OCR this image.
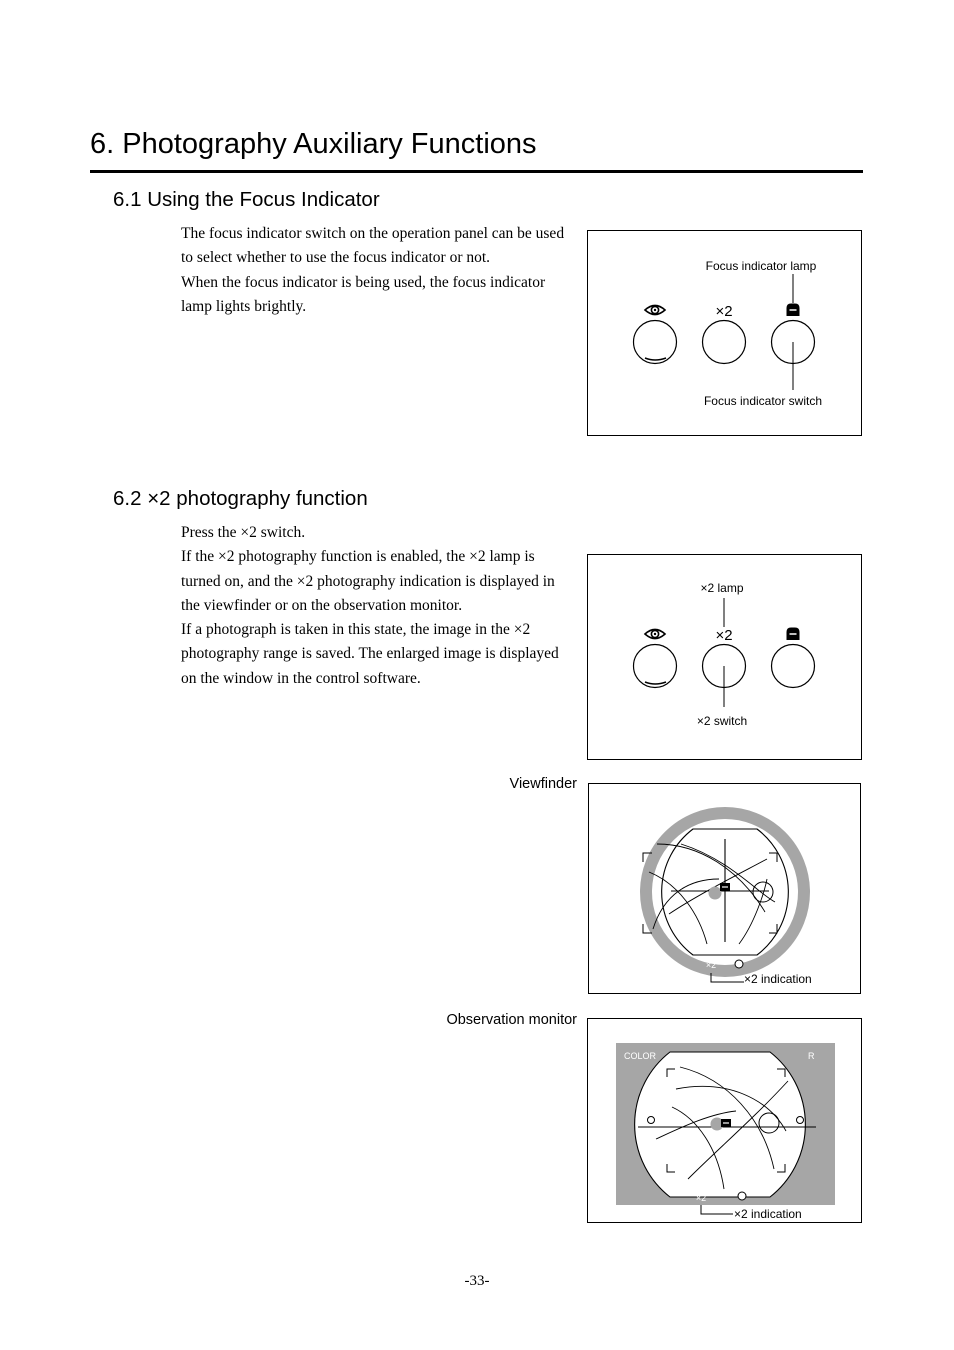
6. Photography Auxiliary Functions
6.1 Using the Focus Indicator

The focus indicator switch on the operation panel can be used to select whether to use the focus indicator or not.

When the focus indicator is being used, the focus indicator lamp lights brightly.	×2
Focus indicator lamp
Focus indicator switch
6.2 ×2 photography function

Press the ×2 switch.

If the ×2 photography function is enabled, the ×2 lamp is turned on, and the ×2 photography indication is displayed in the viewfinder or on the observation monitor.

If a photograph is taken in this state, the image in the ×2 photography range is saved. The enlarged image is displayed on the window in the control software.

×2
×2 lamp
×2 switch
Viewfinder
×2
×2 indication
Observation monitor
COLOR	R
×2
×2 indication
-33-
